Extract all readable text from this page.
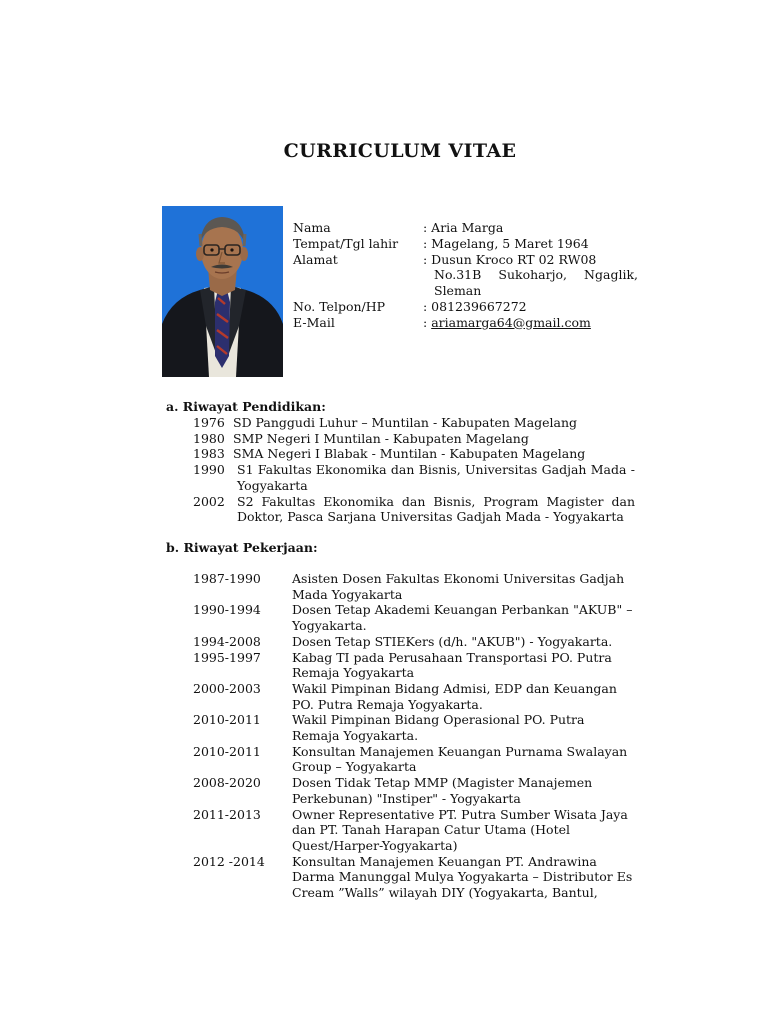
CURRICULUM VITAE
Nama	: Aria Marga
Tempat/Tgl lahir	: Magelang, 5 Maret 1964
Alamat	: Dusun Kroco RT 02 RW08
No.31B Sukoharjo, Ngaglik,
Sleman
No. Telpon/HP	: 081239667272
E-Mail	: ariamarga64@gmail.com
a. Riwayat Pendidikan:
1976 SD Panggudi Luhur – Muntilan - Kabupaten Magelang
1980 SMP Negeri I Muntilan - Kabupaten Magelang
1983 SMA Negeri I Blabak - Muntilan - Kabupaten Magelang
1990 S1 Fakultas Ekonomika dan Bisnis, Universitas Gadjah Mada - Yogyakarta
2002 S2 Fakultas Ekonomika dan Bisnis, Program Magister dan Doktor, Pasca Sarjana Universitas Gadjah Mada - Yogyakarta
b. Riwayat Pekerjaan:
1987-1990	Asisten Dosen Fakultas Ekonomi Universitas Gadjah Mada Yogyakarta
1990-1994	Dosen Tetap Akademi Keuangan Perbankan "AKUB" – Yogyakarta.
1994-2008	Dosen Tetap STIEKers (d/h. "AKUB") - Yogyakarta.
1995-1997	Kabag TI pada Perusahaan Transportasi PO. Putra Remaja Yogyakarta
2000-2003	Wakil Pimpinan Bidang Admisi, EDP dan Keuangan PO. Putra Remaja Yogyakarta.
2010-2011	Wakil Pimpinan Bidang Operasional PO. Putra Remaja Yogyakarta.
2010-2011	Konsultan Manajemen Keuangan Purnama Swalayan Group – Yogyakarta
2008-2020	Dosen Tidak Tetap MMP (Magister Manajemen Perkebunan) "Instiper" - Yogyakarta
2011-2013	Owner Representative PT. Putra Sumber Wisata Jaya dan PT. Tanah Harapan Catur Utama (Hotel Quest/Harper-Yogyakarta)
2012 -2014	Konsultan Manajemen Keuangan PT. Andrawina Darma Manunggal Mulya Yogyakarta – Distributor Es Cream ”Walls” wilayah DIY (Yogyakarta, Bantul,
